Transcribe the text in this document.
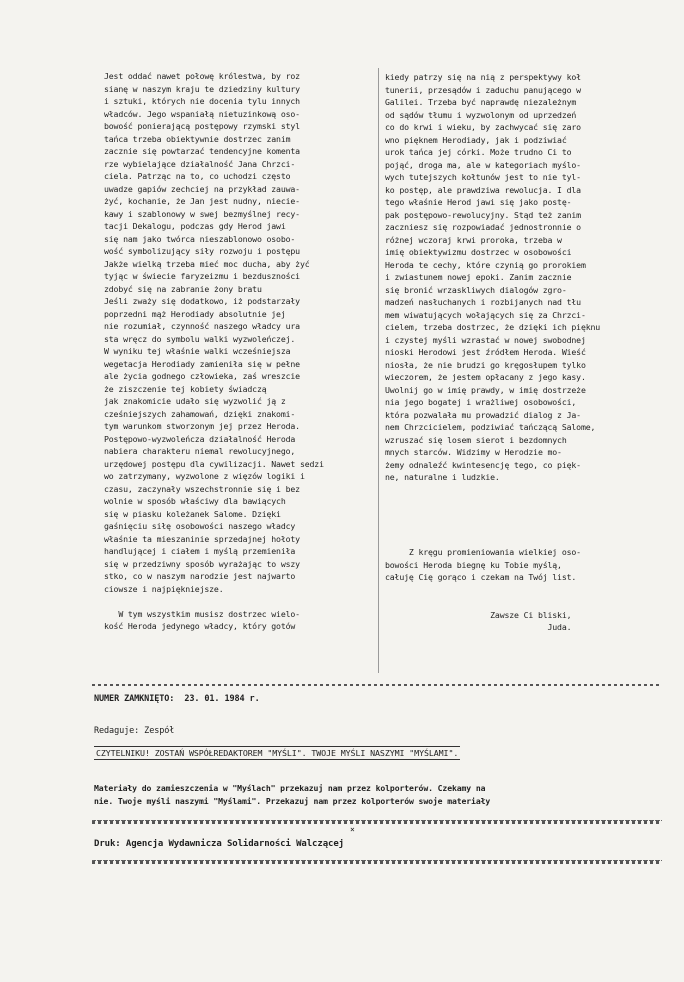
Jest oddać nawet połowę królestwa, by roz

sianę w naszym kraju te dziedziny kultury

i sztuki, których nie docenia tylu innych

władców. Jego wspaniałą nietuzinkową oso-

bowość ponierającą postępowy rzymski styl

tańca trzeba obiektywnie dostrzec zanim

zacznie się powtarzać tendencyjne komenta

rze wybielające działalność Jana Chrzci-

ciela. Patrząc na to, co uchodzi często

uwadze gapiów zechciej na przykład zauwa-

żyć, kochanie, że Jan jest nudny, niecie-

kawy i szablonowy w swej bezmyślnej recy-

tacji Dekalogu, podczas gdy Herod jawi

się nam jako twórca nieszablonowo osobo-

wość symbolizujący siły rozwoju i postępu

Jakże wielką trzeba mieć moc ducha, aby żyć

tyjąc w świecie faryzeizmu i bezduszności

zdobyć się na zabranie żony bratu

Jeśli zważy się dodatkowo, iż podstarzały

poprzedni mąż Herodiady absolutnie jej

nie rozumiał, czynność naszego władcy ura

sta wręcz do symbolu walki wyzwoleńczej.

W wyniku tej właśnie walki wcześniejsza

wegetacja Herodiady zamieniła się w pełne

ale życia godnego człowieka, zaś wreszcie

że ziszczenie tej kobiety świadczą

jak znakomicie udało się wyzwolić ją z

cześniejszych zahamowań, dzięki znakomi-

tym warunkom stworzonym jej przez Heroda.

Postępowo-wyzwoleńcza działalność Heroda

nabiera charakteru niemal rewolucyjnego,

urzędowej postępu dla cywilizacji. Nawet sedzi

wo zatrzymany, wyzwolone z więzów logiki i

czasu, zaczynały wszechstronnie się i bez

wolnie w sposób właściwy dla bawiących

się w piasku koleżanek Salome. Dzięki

gaśnięciu siłę osobowości naszego władcy

właśnie ta mieszaninie sprzedajnej hołoty

handlującej i ciałem i myślą przemieniła

się w przedziwny sposób wyrażając to wszy

stko, co w naszym narodzie jest najwarto

ciowsze i najpiękniejsze.

W tym wszystkim musisz dostrzec wielo-

kość Heroda jedynego władcy, który gotów

kiedy patrzy się na nią z perspektywy koł

tunerii, przesądów i zaduchu panującego w

Galilei. Trzeba być naprawdę niezależnym

od sądów tłumu i wyzwolonym od uprzedzeń

co do krwi i wieku, by zachwycać się zaro

wno pięknem Herodiady, jak i podziwiać

urok tańca jej córki. Może trudno Ci to

pojąć, droga ma, ale w kategoriach myślo-

wych tutejszych kołtunów jest to nie tyl-

ko postęp, ale prawdziwa rewolucja. I dla

tego właśnie Herod jawi się jako postę-

pak postępowo-rewolucyjny. Stąd też zanim

zaczniesz się rozpowiadać jednostronnie o

różnej wczoraj krwi proroka, trzeba w

imię obiektywizmu dostrzec w osobowości

Heroda te cechy, które czynią go prorokiem

i zwiastunem nowej epoki. Zanim zacznie

się bronić wrzaskliwych dialogów zgro-

madzeń nasłuchanych i rozbijanych nad tłu

mem wiwatujących wołających się za Chrzci-

cielem, trzeba dostrzec, że dzięki ich pięknu

i czystej myśli wzrastać w nowej swobodnej

nioski Herodowi jest źródłem Heroda. Wieść

niosła, że nie brudzi go kręgosłupem tylko

wieczorem, że jestem opłacany z jego kasy.

Uwolnij go w imię prawdy, w imię dostrzeże

nia jego bogatej i wrażliwej osobowości,

która pozwalała mu prowadzić dialog z Ja-

nem Chrzcicielem, podziwiać tańczącą Salome,

wzruszać się losem sierot i bezdomnych

mnych starców. Widzimy w Herodzie mo-

żemy odnaleźć kwintesencję tego, co pięk-

ne, naturalne i ludzkie.

Z kręgu promieniowania wielkiej oso-

bowości Heroda biegnę ku Tobie myślą,

całuję Cię gorąco i czekam na Twój list.

Zawsze Ci bliski,

Juda.

NUMER ZAMKNIĘTO: 23. 01. 1984 r.
Redaguje: Zespół
CZYTELNIKU! ZOSTAŃ WSPÓŁREDAKTOREM "MYŚLI". TWOJE MYŚLI NASZYMI "MYŚLAMI".
Materiały do zamieszczenia w "Myślach" przekazuj nam przez kolporterów. Czekamy na
nie. Twoje myśli naszymi "Myślami". Przekazuj nam przez kolporterów swoje materiały
×
Druk: Agencja Wydawnicza Solidarności Walczącej
